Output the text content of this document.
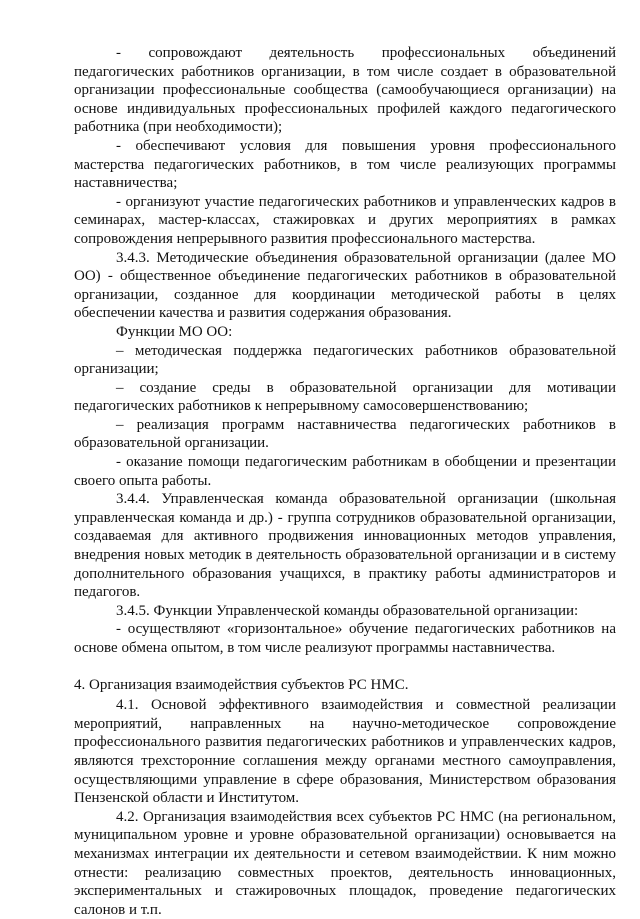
- сопровождают деятельность профессиональных объединений педагогических работников организации, в том числе создает в образовательной организации профессиональные сообщества (самообучающиеся организации) на основе индивидуальных профессиональных профилей каждого педагогического работника (при необходимости);

- обеспечивают условия для повышения уровня профессионального мастерства педагогических работников, в том числе реализующих программы наставничества;

- организуют участие педагогических работников и управленческих кадров в семинарах, мастер-классах, стажировках и других мероприятиях в рамках сопровождения непрерывного развития профессионального мастерства.

3.4.3. Методические объединения образовательной организации (далее МО ОО) - общественное объединение педагогических работников в образовательной организации, созданное для координации методической работы в целях обеспечении качества и развития содержания образования.

Функции МО ОО:

– методическая поддержка педагогических работников образовательной организации;

– создание среды в образовательной организации для мотивации педагогических работников к непрерывному самосовершенствованию;

– реализация программ наставничества педагогических работников в образовательной организации.

- оказание помощи педагогическим работникам в обобщении и презентации своего опыта работы.

3.4.4. Управленческая команда образовательной организации (школьная управленческая команда и др.) - группа сотрудников образовательной организации, создаваемая для активного продвижения инновационных методов управления, внедрения новых методик в деятельность образовательной организации и в систему дополнительного образования учащихся, в практику работы администраторов и педагогов.

3.4.5. Функции Управленческой команды образовательной организации:

- осуществляют «горизонтальное» обучение педагогических работников на основе обмена опытом, в том числе реализуют программы наставничества.

4. Организация взаимодействия субъектов РС НМС.

4.1. Основой эффективного взаимодействия и совместной реализации мероприятий, направленных на научно-методическое сопровождение профессионального развития педагогических работников и управленческих кадров, являются трехсторонние соглашения между органами местного самоуправления, осуществляющими управление в сфере образования, Министерством образования Пензенской области и Институтом.

4.2. Организация взаимодействия всех субъектов РС НМС (на региональном, муниципальном уровне и уровне образовательной организации) основывается на механизмах интеграции их деятельности и сетевом взаимодействии. К ним можно отнести: реализацию совместных проектов, деятельность инновационных, экспериментальных и стажировочных площадок, проведение педагогических салонов и т.п.
